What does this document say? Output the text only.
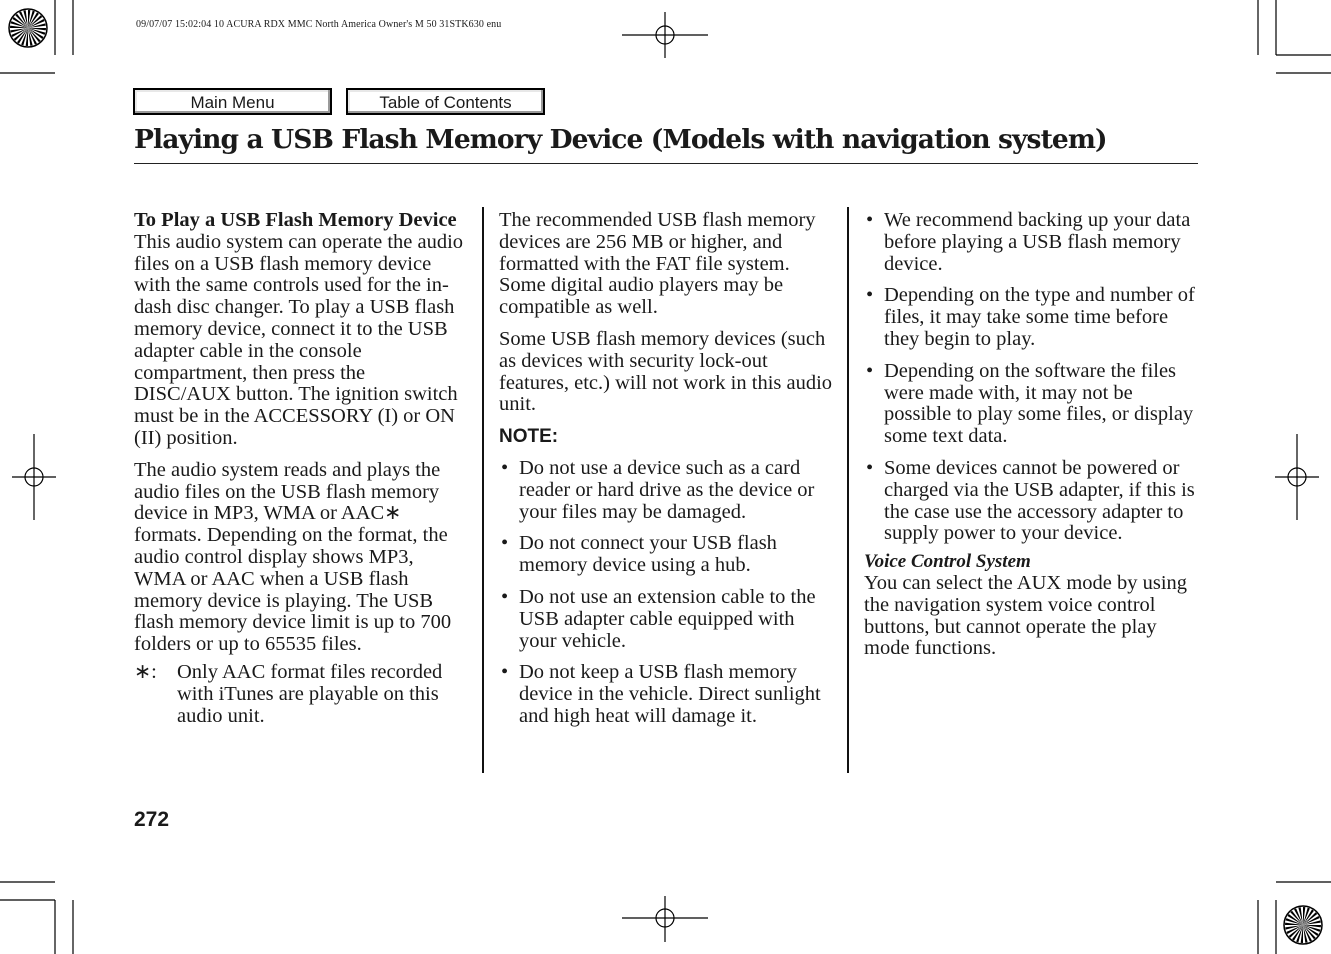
09/07/07 15:02:04 10 ACURA RDX MMC North America Owner's M 50 31STK630 enu
Main Menu	Table of Contents
Playing a USB Flash Memory Device (Models with navigation system)

To Play a USB Flash Memory Device

This audio system can operate the audio files on a USB flash memory device with the same controls used for the in-dash disc changer. To play a USB flash memory device, connect it to the USB adapter cable in the console compartment, then press the DISC/AUX button. The ignition switch must be in the ACCESSORY (I) or ON (II) position.

The audio system reads and plays the audio files on the USB flash memory device in MP3, WMA or AAC∗ formats. Depending on the format, the audio control display shows MP3, WMA or AAC when a USB flash memory device is playing. The USB flash memory device limit is up to 700 folders or up to 65535 files.

∗: Only AAC format files recorded with iTunes are playable on this audio unit.

The recommended USB flash memory devices are 256 MB or higher, and formatted with the FAT file system. Some digital audio players may be compatible as well.

Some USB flash memory devices (such as devices with security lock-out features, etc.) will not work in this audio unit.

NOTE:

• Do not use a device such as a card reader or hard drive as the device or your files may be damaged.
• Do not connect your USB flash memory device using a hub.
• Do not use an extension cable to the USB adapter cable equipped with your vehicle.
• Do not keep a USB flash memory device in the vehicle. Direct sunlight and high heat will damage it.
• We recommend backing up your data before playing a USB flash memory device.
• Depending on the type and number of files, it may take some time before they begin to play.
• Depending on the software the files were made with, it may not be possible to play some files, or display some text data.
• Some devices cannot be powered or charged via the USB adapter, if this is the case use the accessory adapter to supply power to your device.

Voice Control System

You can select the AUX mode by using the navigation system voice control buttons, but cannot operate the play mode functions.

272
